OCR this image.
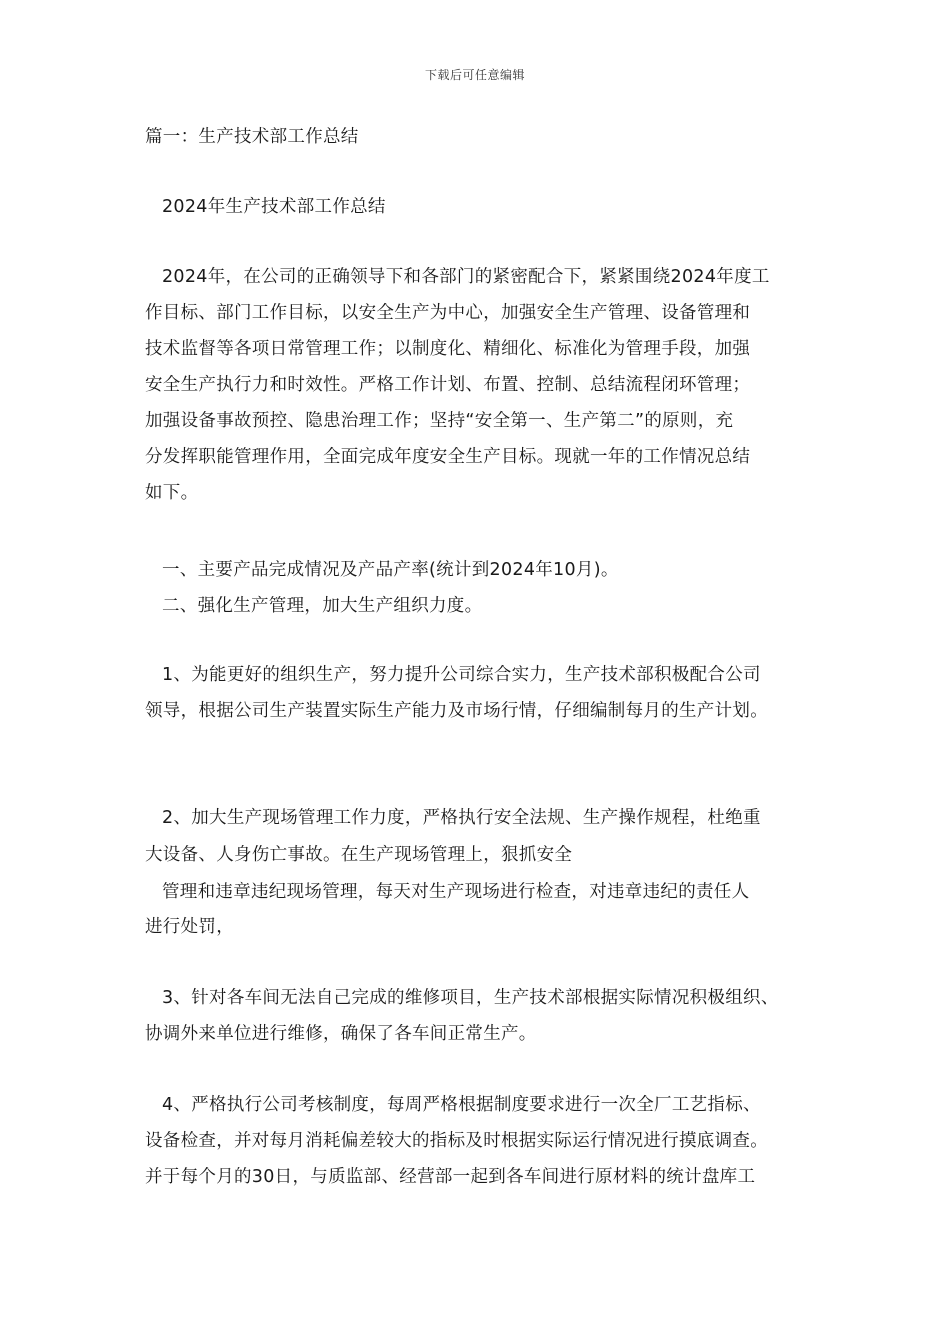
下载后可任意编辑
篇一：生产技术部工作总结
2024年生产技术部工作总结
2024年，在公司的正确领导下和各部门的紧密配合下，紧紧围绕2024年度工
作目标、部门工作目标，以安全生产为中心，加强安全生产管理、设备管理和
技术监督等各项日常管理工作；以制度化、精细化、标准化为管理手段，加强
安全生产执行力和时效性。严格工作计划、布置、控制、总结流程闭环管理；
加强设备事故预控、隐患治理工作；坚持“安全第一、生产第二”的原则，充
分发挥职能管理作用，全面完成年度安全生产目标。现就一年的工作情况总结
如下。
一、主要产品完成情况及产品产率(统计到2024年10月)。
二、强化生产管理，加大生产组织力度。
1、为能更好的组织生产，努力提升公司综合实力，生产技术部积极配合公司
领导，根据公司生产装置实际生产能力及市场行情，仔细编制每月的生产计划。
2、加大生产现场管理工作力度，严格执行安全法规、生产操作规程，杜绝重
大设备、人身伤亡事故。在生产现场管理上，狠抓安全
管理和违章违纪现场管理，每天对生产现场进行检查，对违章违纪的责任人
进行处罚，
3、针对各车间无法自己完成的维修项目，生产技术部根据实际情况积极组织、
协调外来单位进行维修，确保了各车间正常生产。
4、严格执行公司考核制度，每周严格根据制度要求进行一次全厂工艺指标、
设备检查，并对每月消耗偏差较大的指标及时根据实际运行情况进行摸底调查。
并于每个月的30日，与质监部、经营部一起到各车间进行原材料的统计盘库工
